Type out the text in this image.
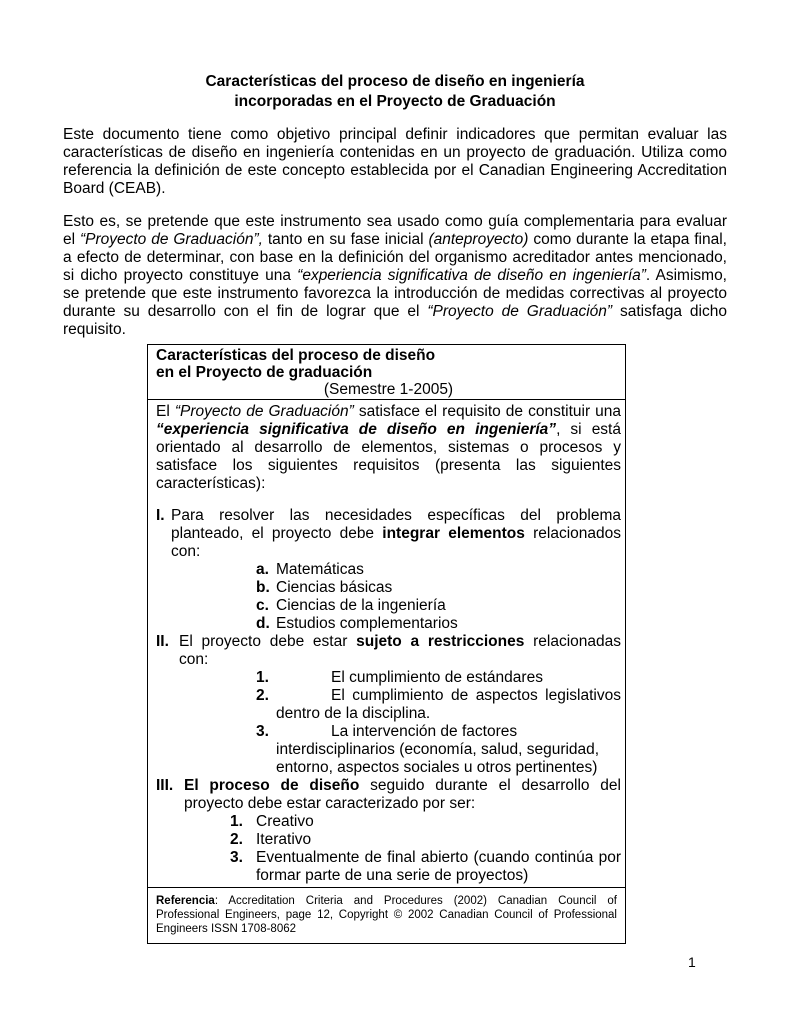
Características del proceso de diseño en ingeniería
incorporadas en el Proyecto de Graduación

Este documento tiene como objetivo principal definir indicadores que permitan evaluar las características de diseño en ingeniería contenidas en un proyecto de graduación. Utiliza como referencia la definición de este concepto establecida por el Canadian Engineering Accreditation Board (CEAB).

Esto es, se pretende que este instrumento sea usado como guía complementaria para evaluar el “Proyecto de Graduación”, tanto en su fase inicial (anteproyecto) como durante la etapa final, a efecto de determinar, con base en la definición del organismo acreditador antes mencionado, si dicho proyecto constituye una “experiencia significativa de diseño en ingeniería”. Asimismo, se pretende que este instrumento favorezca la introducción de medidas correctivas al proyecto durante su desarrollo con el fin de lograr que el “Proyecto de Graduación” satisfaga dicho requisito.

Características del proceso de diseño
en el Proyecto de graduación
(Semestre 1-2005)
El “Proyecto de Graduación” satisface el requisito de constituir una “experiencia significativa de diseño en ingeniería”, si está orientado al desarrollo de elementos, sistemas o procesos y satisface los siguientes requisitos (presenta las siguientes características):
I. Para resolver las necesidades específicas del problema planteado, el proyecto debe integrar elementos relacionados con:
a. Matemáticas
b. Ciencias básicas
c. Ciencias de la ingeniería
d. Estudios complementarios
II. El proyecto debe estar sujeto a restricciones relacionadas con:
1.	El cumplimiento de estándares
2.	El cumplimiento de aspectos legislativos dentro de la disciplina.
3.	La intervención de factores interdisciplinarios (economía, salud, seguridad, entorno, aspectos sociales u otros pertinentes)
III. El proceso de diseño seguido durante el desarrollo del proyecto debe estar caracterizado por ser:
1. Creativo
2. Iterativo
3. Eventualmente de final abierto (cuando continúa por formar parte de una serie de proyectos)
Referencia: Accreditation Criteria and Procedures (2002) Canadian Council of Professional Engineers, page 12, Copyright © 2002 Canadian Council of Professional Engineers ISSN 1708-8062
1
